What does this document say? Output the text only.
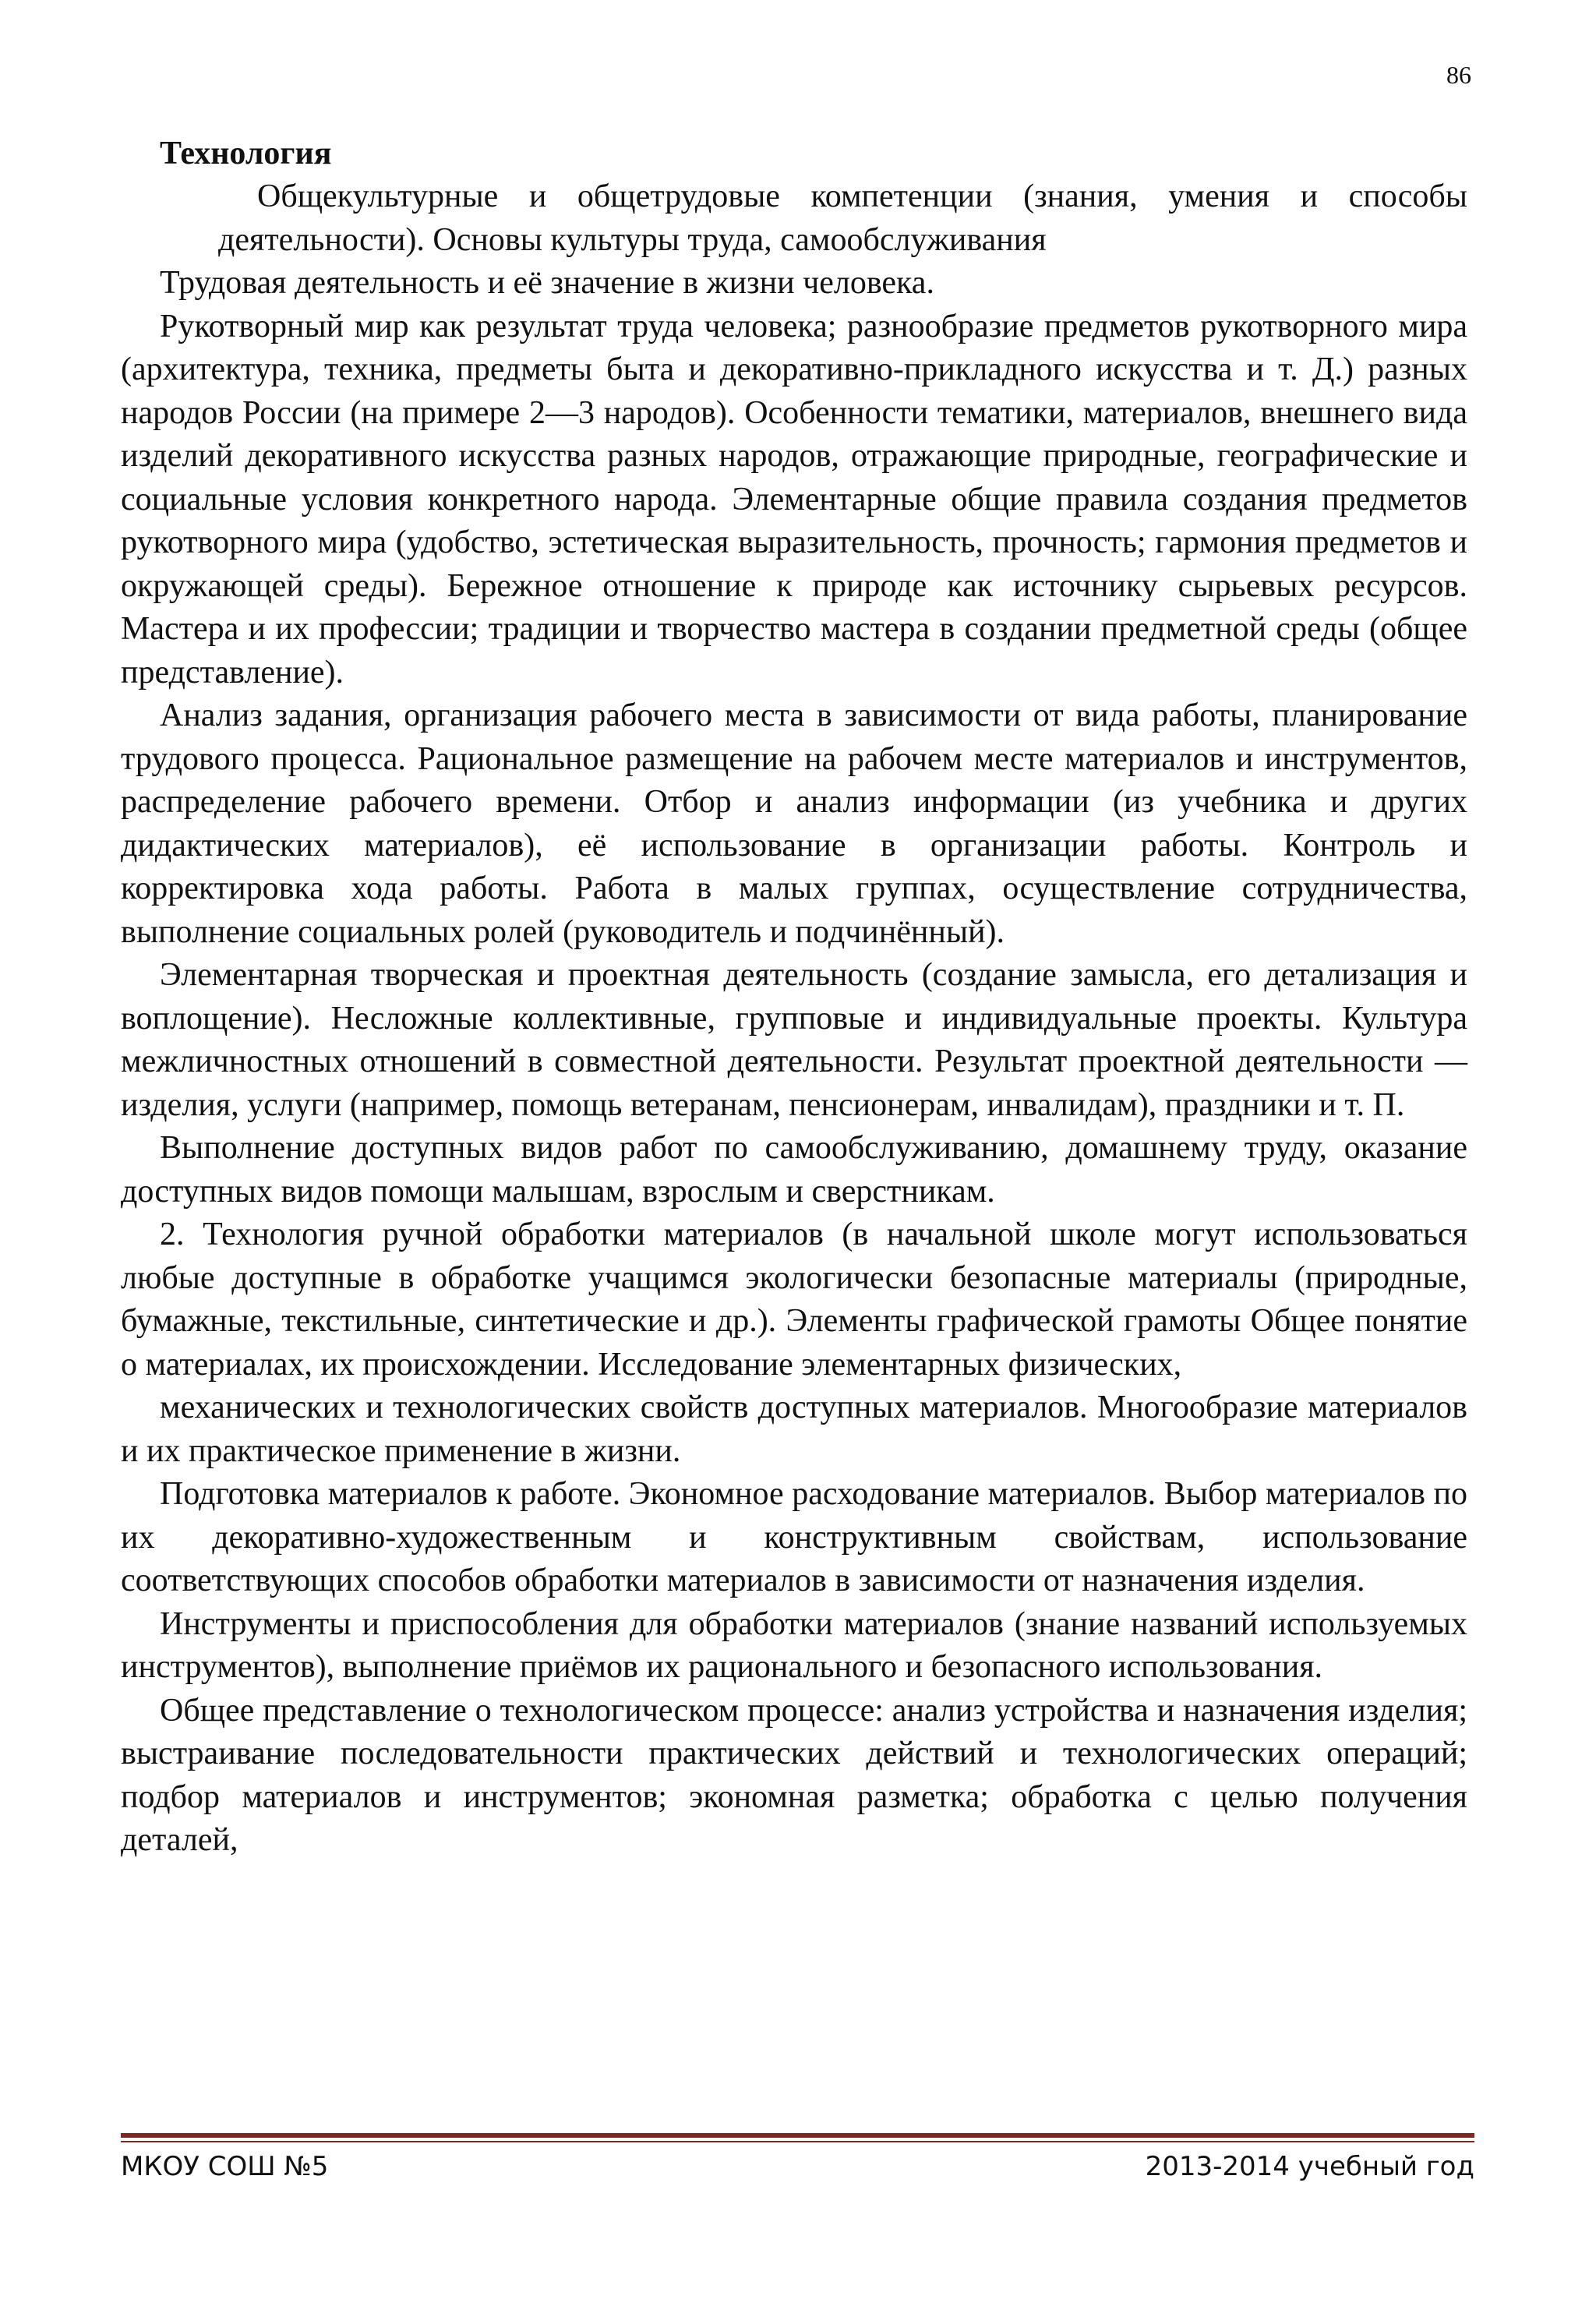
86

Технология

Общекультурные и общетрудовые компетенции (знания, умения и способы деятельности). Основы культуры труда, самообслуживания

Трудовая деятельность и её значение в жизни человека.

Рукотворный мир как результат труда человека; разнообразие предметов рукотворного мира (архитектура, техника, предметы быта и декоративно-прикладного искусства и т. Д.) разных народов России (на примере 2—3 народов). Особенности тематики, материалов, внешнего вида изделий декоративного искусства разных народов, отражающие природные, географические и социальные условия конкретного народа. Элементарные общие правила создания предметов рукотворного мира (удобство, эстетическая выразительность, прочность; гармония предметов и окружающей среды). Бережное отношение к природе как источнику сырьевых ресурсов. Мастера и их профессии; традиции и творчество мастера в создании предметной среды (общее представление).

Анализ задания, организация рабочего места в зависимости от вида работы, планирование трудового процесса. Рациональное размещение на рабочем месте материалов и инструментов, распределение рабочего времени. Отбор и анализ информации (из учебника и других дидактических материалов), её использование в организации работы. Контроль и корректировка хода работы. Работа в малых группах, осуществление сотрудничества, выполнение социальных ролей (руководитель и подчинённый).

Элементарная творческая и проектная деятельность (создание замысла, его детализация и воплощение). Несложные коллективные, групповые и индивидуальные проекты. Культура межличностных отношений в совместной деятельности. Результат проектной деятельности — изделия, услуги (например, помощь ветеранам, пенсионерам, инвалидам), праздники и т. П.

Выполнение доступных видов работ по самообслуживанию, домашнему труду, оказание доступных видов помощи малышам, взрослым и сверстникам.

2. Технология ручной обработки материалов (в начальной школе могут использоваться любые доступные в обработке учащимся экологически безопасные материалы (природные, бумажные, текстильные, синтетические и др.). Элементы графической грамоты Общее понятие о материалах, их происхождении. Исследование элементарных физических,

механических и технологических свойств доступных материалов. Многообразие материалов и их практическое применение в жизни.

Подготовка материалов к работе. Экономное расходование материалов. Выбор материалов по их декоративно-художественным и конструктивным свойствам, использование соответствующих способов обработки материалов в зависимости от назначения изделия.

Инструменты и приспособления для обработки материалов (знание названий используемых инструментов), выполнение приёмов их рационального и безопасного использования.

Общее представление о технологическом процессе: анализ устройства и назначения изделия; выстраивание последовательности практических действий и технологических операций; подбор материалов и инструментов; экономная разметка; обработка с целью получения деталей,

МКОУ СОШ №5	2013-2014 учебный год
